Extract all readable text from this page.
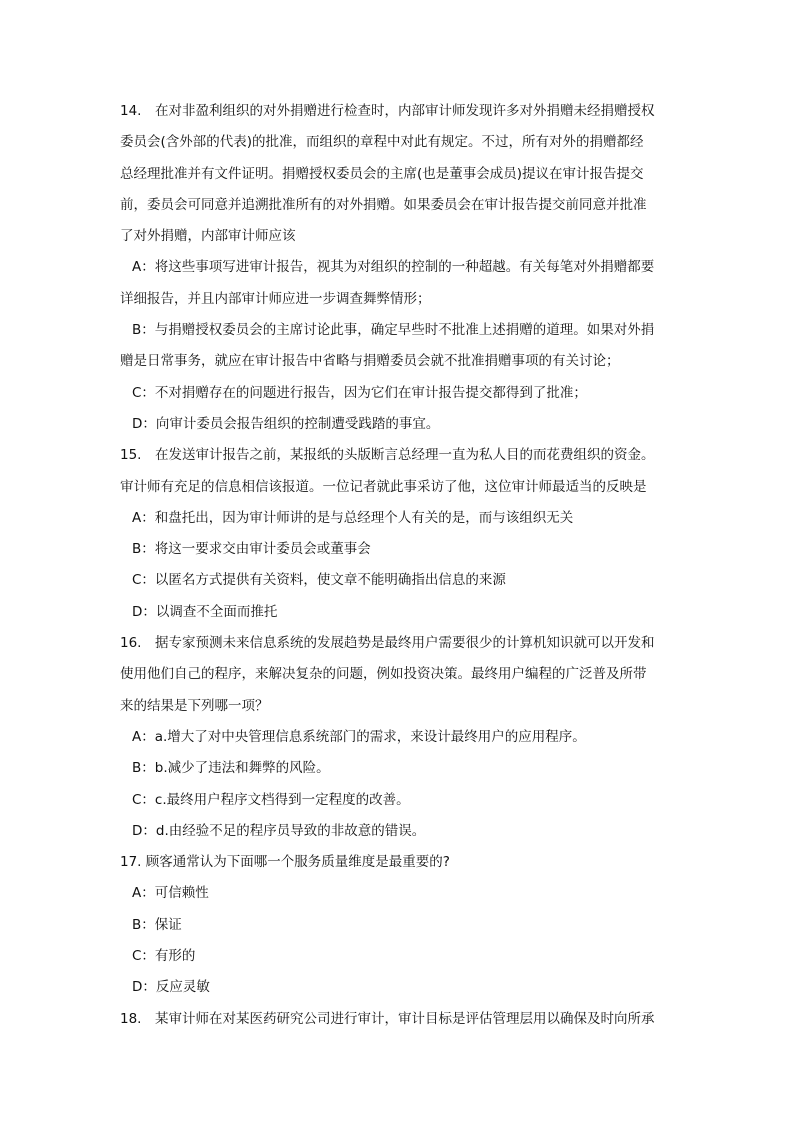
14.　在对非盈利组织的对外捐赠进行检查时，内部审计师发现许多对外捐赠未经捐赠授权
委员会(含外部的代表)的批准，而组织的章程中对此有规定。不过，所有对外的捐赠都经
总经理批准并有文件证明。捐赠授权委员会的主席(也是董事会成员)提议在审计报告提交
前，委员会可同意并追溯批准所有的对外捐赠。如果委员会在审计报告提交前同意并批准
了对外捐赠，内部审计师应该
A：将这些事项写进审计报告，视其为对组织的控制的一种超越。有关每笔对外捐赠都要
详细报告，并且内部审计师应进一步调查舞弊情形；
B：与捐赠授权委员会的主席讨论此事，确定早些时不批准上述捐赠的道理。如果对外捐
赠是日常事务，就应在审计报告中省略与捐赠委员会就不批准捐赠事项的有关讨论；
C：不对捐赠存在的问题进行报告，因为它们在审计报告提交都得到了批准；
D：向审计委员会报告组织的控制遭受践踏的事宜。
15.　在发送审计报告之前，某报纸的头版断言总经理一直为私人目的而花费组织的资金。
审计师有充足的信息相信该报道。一位记者就此事采访了他，这位审计师最适当的反映是
A：和盘托出，因为审计师讲的是与总经理个人有关的是，而与该组织无关
B：将这一要求交由审计委员会或董事会
C：以匿名方式提供有关资料，使文章不能明确指出信息的来源
D：以调查不全面而推托
16.　据专家预测未来信息系统的发展趋势是最终用户需要很少的计算机知识就可以开发和
使用他们自己的程序，来解决复杂的问题，例如投资决策。最终用户编程的广泛普及所带
来的结果是下列哪一项？
A：a.增大了对中央管理信息系统部门的需求，来设计最终用户的应用程序。
B：b.减少了违法和舞弊的风险。
C：c.最终用户程序文档得到一定程度的改善。
D：d.由经验不足的程序员导致的非故意的错误。
17. 顾客通常认为下面哪一个服务质量维度是最重要的?
A：可信赖性
B：保证
C：有形的
D：反应灵敏
18.　某审计师在对某医药研究公司进行审计，审计目标是评估管理层用以确保及时向所承
